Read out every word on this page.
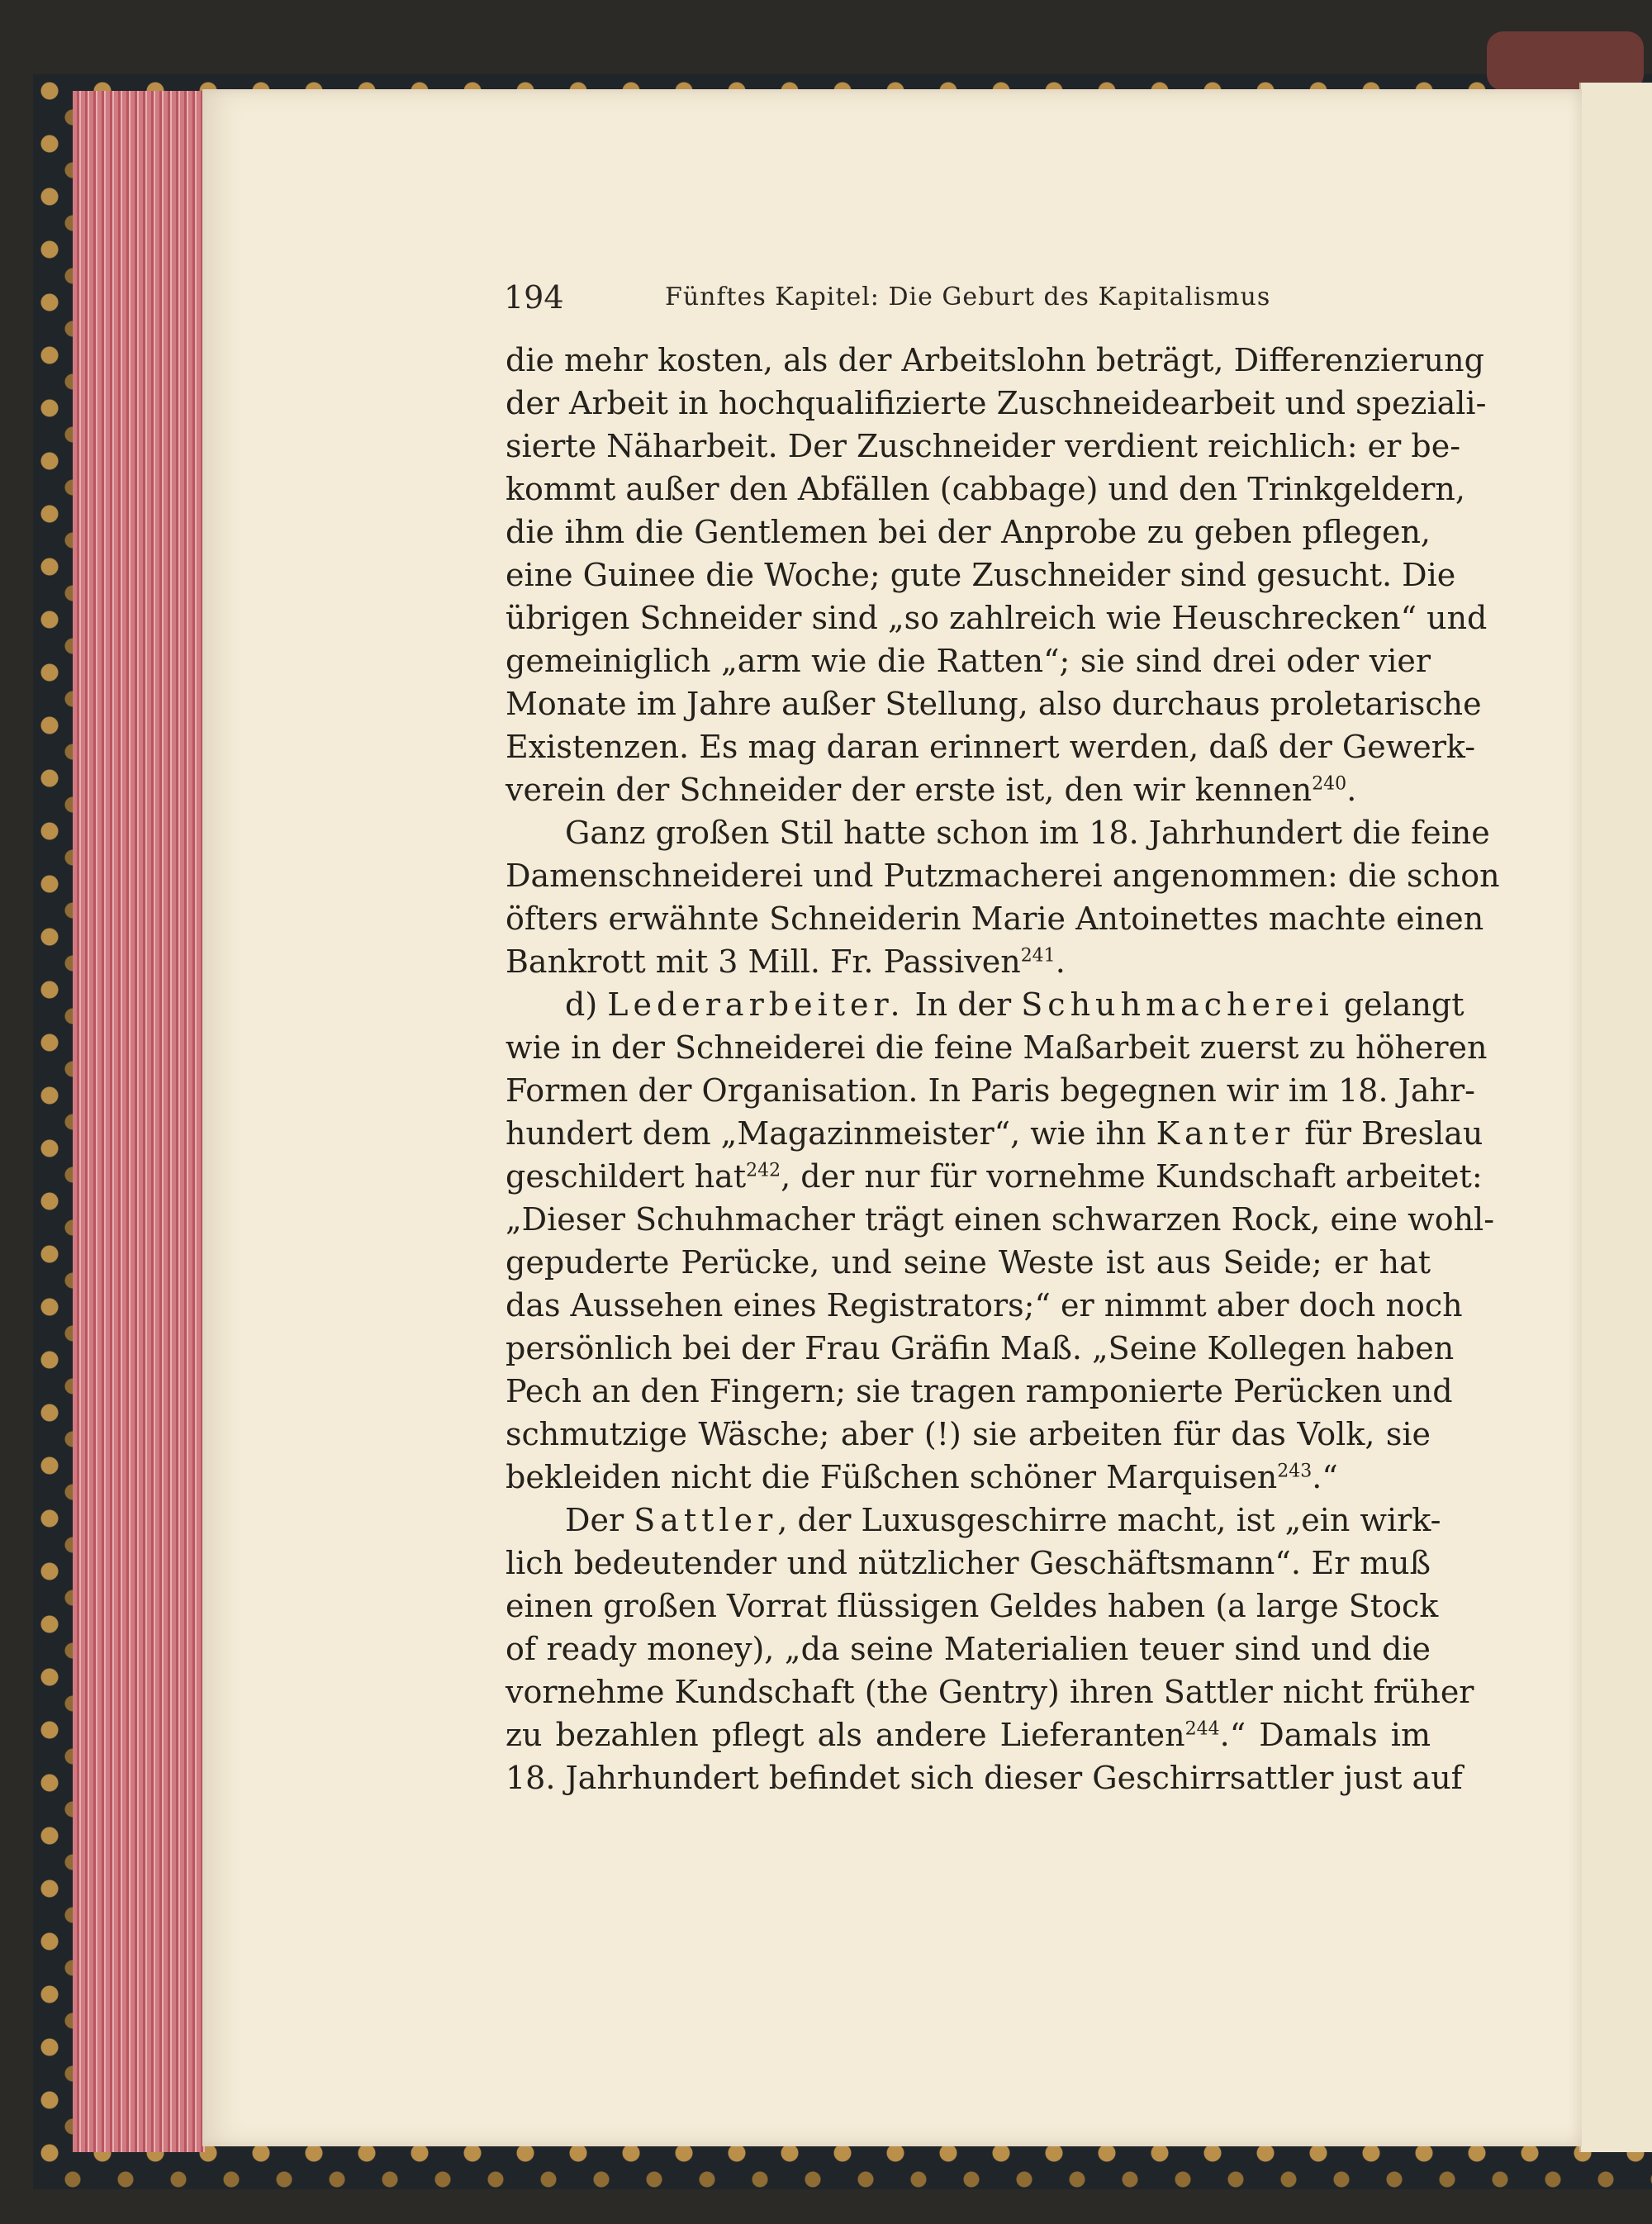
194	Fünftes Kapitel: Die Geburt des Kapitalismus

die mehr kosten, als der Arbeitslohn beträgt, Differenzierung
der Arbeit in hochqualifizierte Zuschneidearbeit und speziali-
sierte Näharbeit. Der Zuschneider verdient reichlich: er be-
kommt außer den Abfällen (cabbage) und den Trinkgeldern,
die ihm die Gentlemen bei der Anprobe zu geben pflegen,
eine Guinee die Woche; gute Zuschneider sind gesucht. Die
übrigen Schneider sind „so zahlreich wie Heuschrecken“ und
gemeiniglich „arm wie die Ratten“; sie sind drei oder vier
Monate im Jahre außer Stellung, also durchaus proletarische
Existenzen. Es mag daran erinnert werden, daß der Gewerk-
verein der Schneider der erste ist, den wir kennen$^{240}$.

Ganz großen Stil hatte schon im 18. Jahrhundert die feine
Damenschneiderei und Putzmacherei angenommen: die schon
öfters erwähnte Schneiderin Marie Antoinettes machte einen
Bankrott mit 3 Mill. Fr. Passiven$^{241}$.

d) Lederarbeiter. In der Schuhmacherei gelangt
wie in der Schneiderei die feine Maßarbeit zuerst zu höheren
Formen der Organisation. In Paris begegnen wir im 18. Jahr-
hundert dem „Magazinmeister“, wie ihn Kanter für Breslau
geschildert hat$^{242}$, der nur für vornehme Kundschaft arbeitet:
„Dieser Schuhmacher trägt einen schwarzen Rock, eine wohl-
gepuderte Perücke, und seine Weste ist aus Seide; er hat
das Aussehen eines Registrators;“ er nimmt aber doch noch
persönlich bei der Frau Gräfin Maß. „Seine Kollegen haben
Pech an den Fingern; sie tragen ramponierte Perücken und
schmutzige Wäsche; aber (!) sie arbeiten für das Volk, sie
bekleiden nicht die Füßchen schöner Marquisen$^{243}$.“

Der Sattler, der Luxusgeschirre macht, ist „ein wirk-
lich bedeutender und nützlicher Geschäftsmann“. Er muß
einen großen Vorrat flüssigen Geldes haben (a large Stock
of ready money), „da seine Materialien teuer sind und die
vornehme Kundschaft (the Gentry) ihren Sattler nicht früher
zu bezahlen pflegt als andere Lieferanten$^{244}$.“ Damals im
18. Jahrhundert befindet sich dieser Geschirrsattler just auf
